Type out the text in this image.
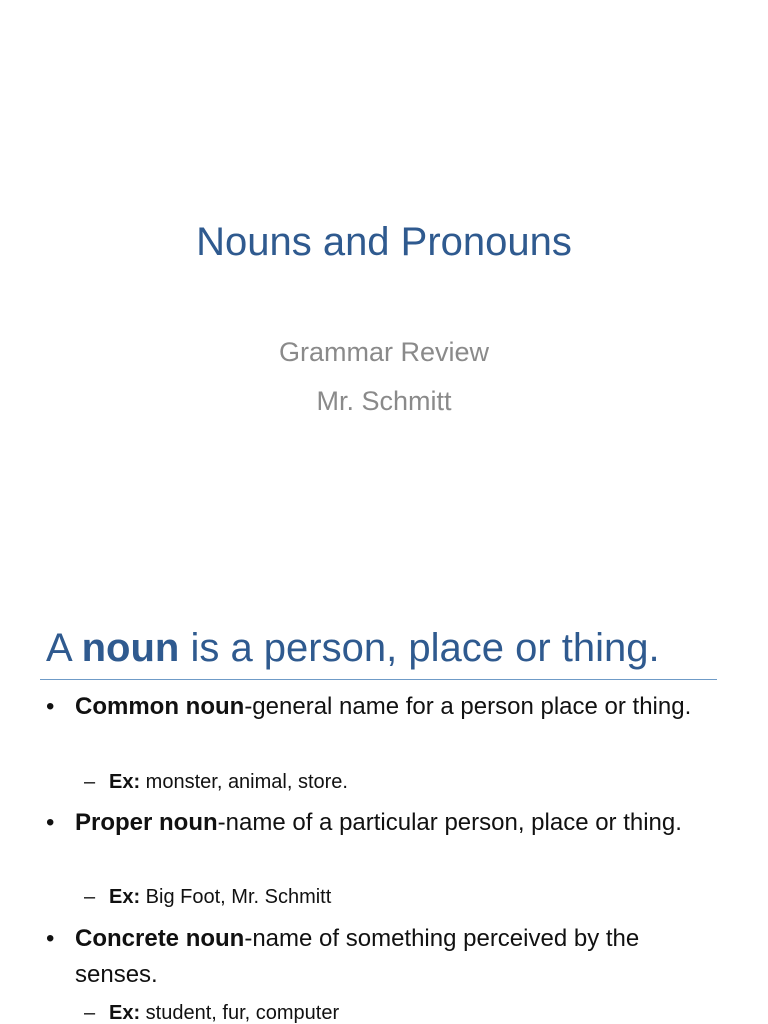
Nouns and Pronouns
Grammar Review
Mr. Schmitt
A noun is a person, place or thing.
• Common noun-general name for a person place or thing.
– Ex: monster, animal, store.
• Proper noun-name of a particular person, place or thing.
– Ex: Big Foot, Mr. Schmitt
• Concrete noun-name of something perceived by the senses.
– Ex: student, fur, computer
